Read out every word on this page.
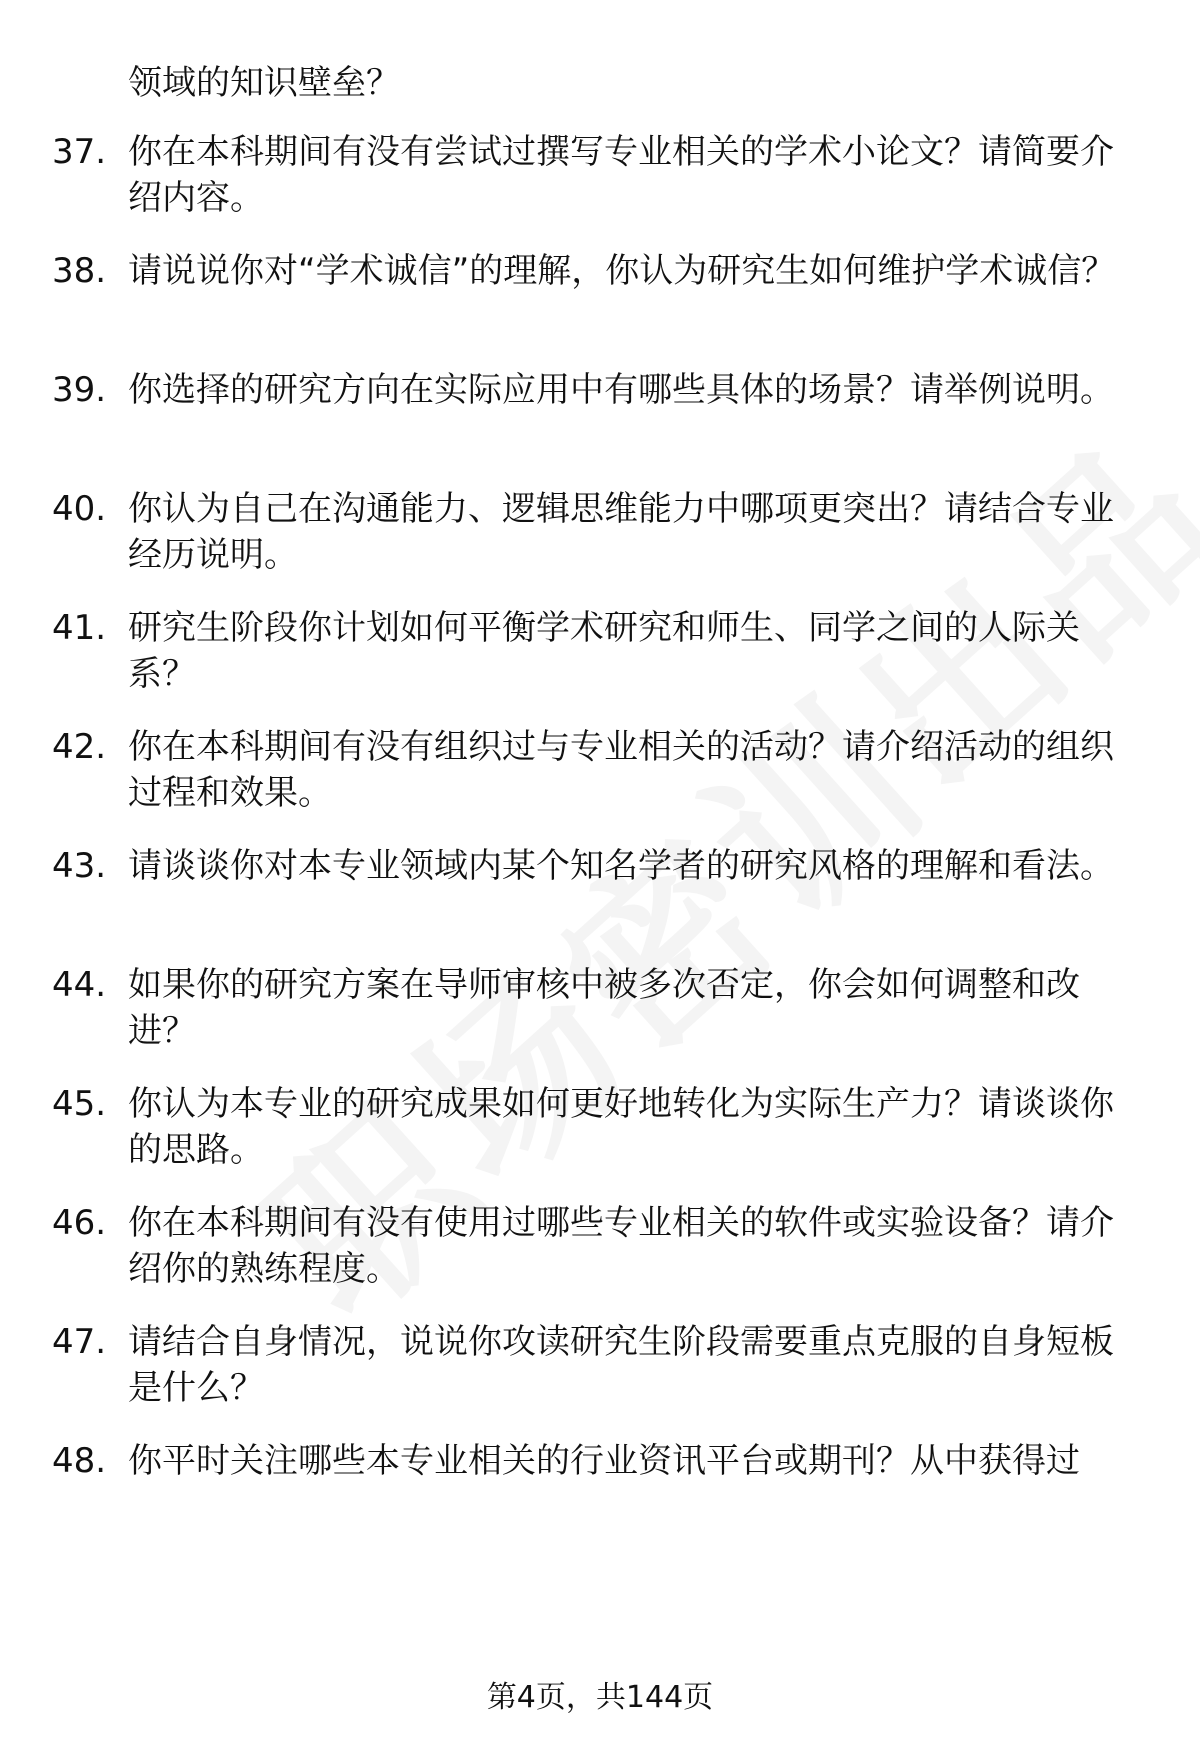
领域的知识壁垒？
37. 你在本科期间有没有尝试过撰写专业相关的学术小论文？请简要介绍内容。
38. 请说说你对“学术诚信”的理解，你认为研究生如何维护学术诚信？
39. 你选择的研究方向在实际应用中有哪些具体的场景？请举例说明。
40. 你认为自己在沟通能力、逻辑思维能力中哪项更突出？请结合专业经历说明。
41. 研究生阶段你计划如何平衡学术研究和师生、同学之间的人际关系？
42. 你在本科期间有没有组织过与专业相关的活动？请介绍活动的组织过程和效果。
43. 请谈谈你对本专业领域内某个知名学者的研究风格的理解和看法。
44. 如果你的研究方案在导师审核中被多次否定，你会如何调整和改进？
45. 你认为本专业的研究成果如何更好地转化为实际生产力？请谈谈你的思路。
46. 你在本科期间有没有使用过哪些专业相关的软件或实验设备？请介绍你的熟练程度。
47. 请结合自身情况，说说你攻读研究生阶段需要重点克服的自身短板是什么？
48. 你平时关注哪些本专业相关的行业资讯平台或期刊？从中获得过
第4页，共144页
